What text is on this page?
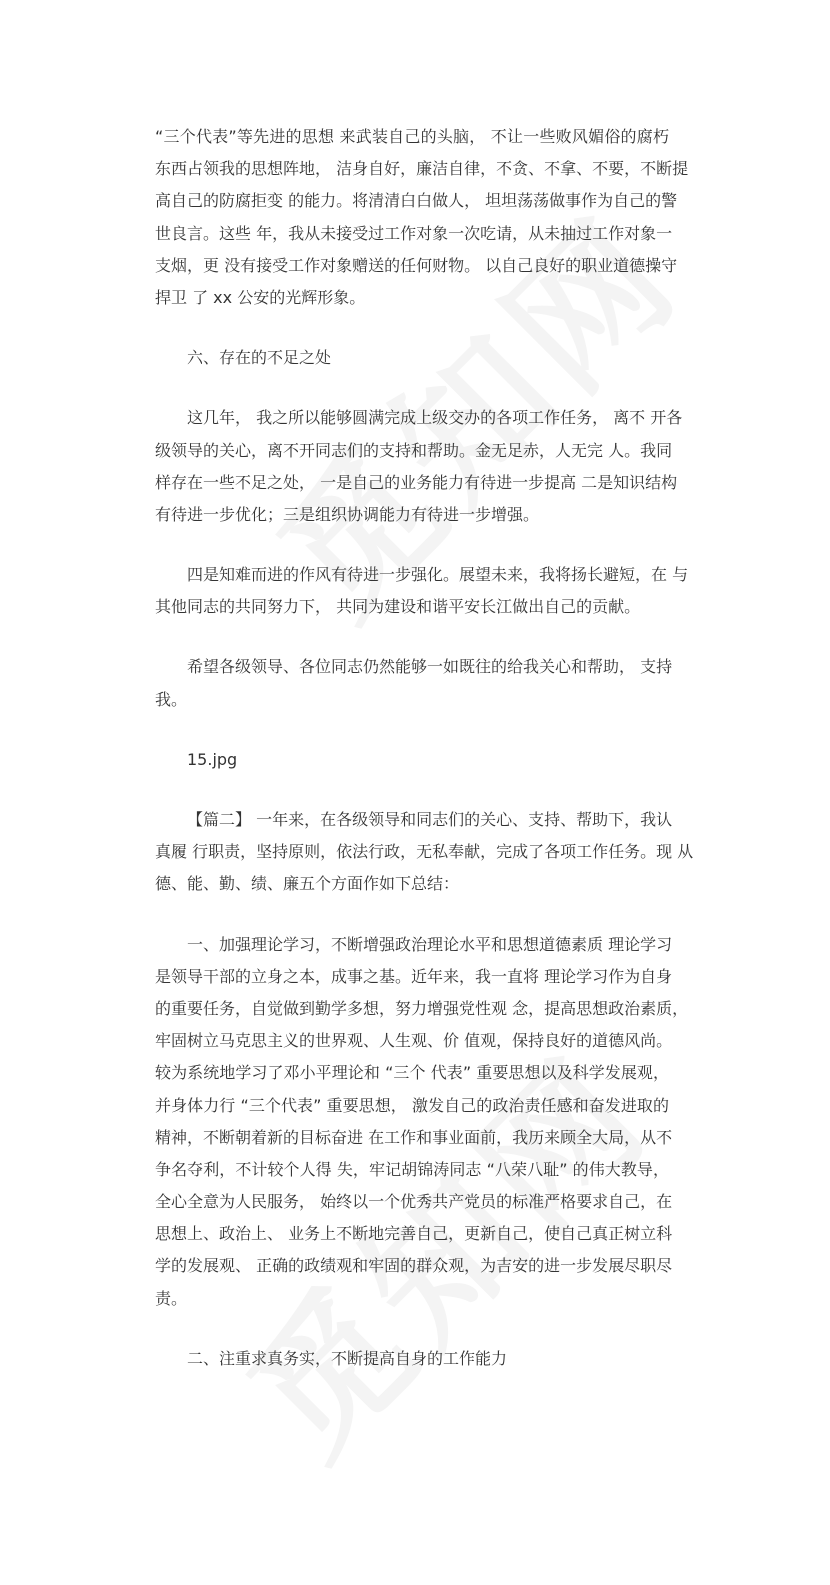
“三个代表”等先进的思想 来武装自己的头脑， 不让一些败风媚俗的腐朽
东西占领我的思想阵地， 洁身自好，廉洁自律，不贪、不拿、不要，不断提
高自己的防腐拒变 的能力。将清清白白做人， 坦坦荡荡做事作为自己的警
世良言。这些 年，我从未接受过工作对象一次吃请，从未抽过工作对象一
支烟，更 没有接受工作对象赠送的任何财物。 以自己良好的职业道德操守
捍卫 了 xx 公安的光辉形象。
六、存在的不足之处
这几年， 我之所以能够圆满完成上级交办的各项工作任务， 离不 开各
级领导的关心，离不开同志们的支持和帮助。金无足赤，人无完 人。我同
样存在一些不足之处， 一是自己的业务能力有待进一步提高 二是知识结构
有待进一步优化；三是组织协调能力有待进一步增强。
四是知难而进的作风有待进一步强化。展望未来，我将扬长避短，在 与
其他同志的共同努力下， 共同为建设和谐平安长江做出自己的贡献。
希望各级领导、各位同志仍然能够一如既往的给我关心和帮助， 支持
我。
15.jpg
【篇二】 一年来，在各级领导和同志们的关心、支持、帮助下，我认
真履 行职责，坚持原则，依法行政，无私奉献，完成了各项工作任务。现 从
德、能、勤、绩、廉五个方面作如下总结：
一、加强理论学习，不断增强政治理论水平和思想道德素质 理论学习
是领导干部的立身之本，成事之基。近年来，我一直将 理论学习作为自身
的重要任务，自觉做到勤学多想，努力增强党性观 念，提高思想政治素质，
牢固树立马克思主义的世界观、人生观、价 值观，保持良好的道德风尚。
较为系统地学习了邓小平理论和 “三个 代表” 重要思想以及科学发展观，
并身体力行 “三个代表” 重要思想， 激发自己的政治责任感和奋发进取的
精神，不断朝着新的目标奋进 在工作和事业面前，我历来顾全大局，从不
争名夺利，不计较个人得 失，牢记胡锦涛同志 “八荣八耻” 的伟大教导，
全心全意为人民服务， 始终以一个优秀共产党员的标准严格要求自己，在
思想上、政治上、 业务上不断地完善自己，更新自己，使自己真正树立科
学的发展观、 正确的政绩观和牢固的群众观，为吉安的进一步发展尽职尽
责。
二、注重求真务实，不断提高自身的工作能力
